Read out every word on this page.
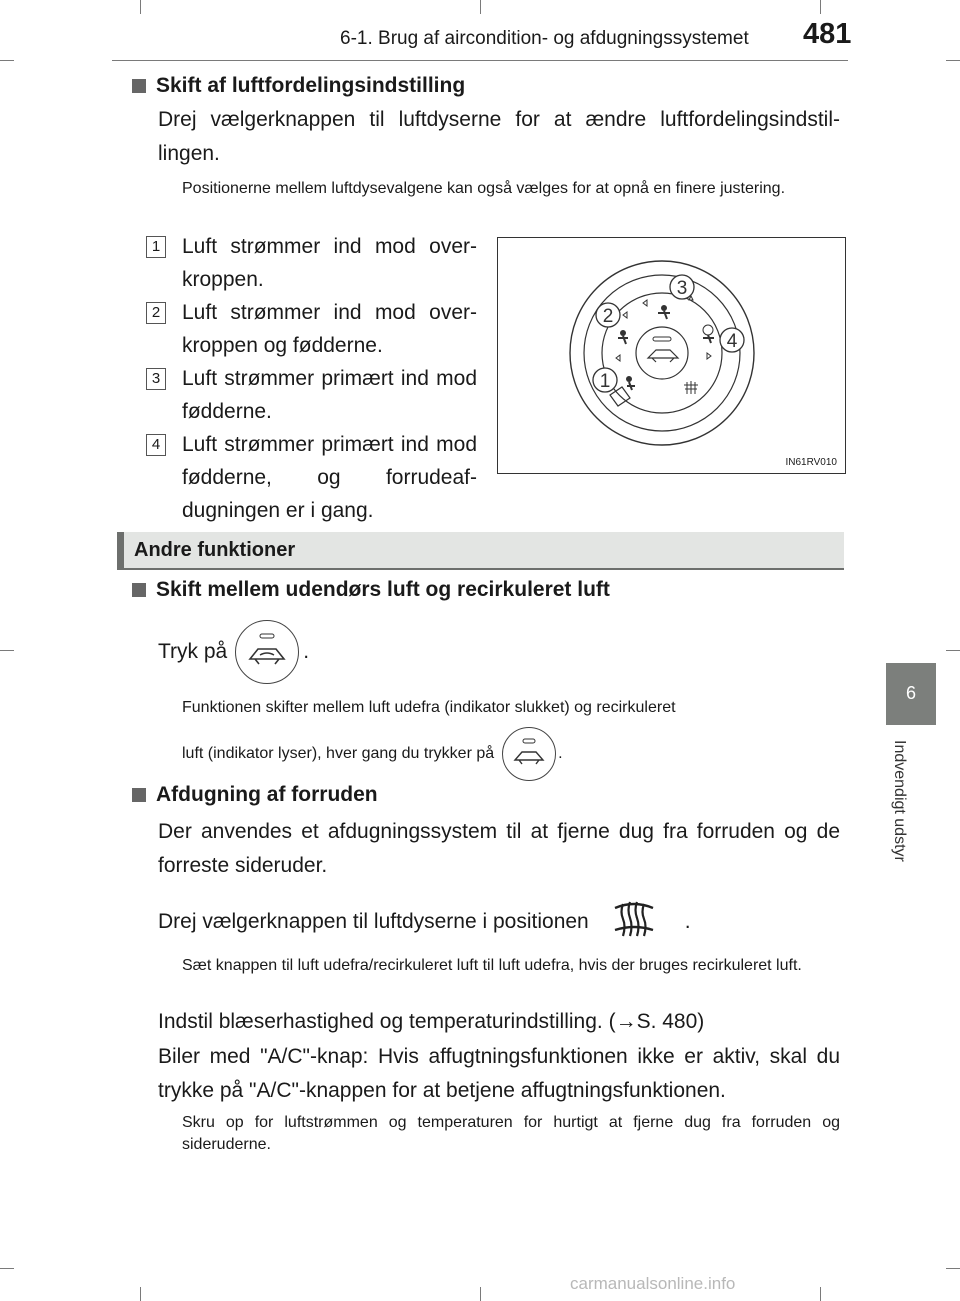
6-1. Brug af aircondition- og afdugningssystemet 481
6
Indvendigt udstyr
Skift af luftfordelingsindstilling
Drej vælgerknappen til luftdyserne for at ændre luftfordelingsindstil-lingen.
Positionerne mellem luftdysevalgene kan også vælges for at opnå en finere justering.
1 Luft strømmer ind mod over-kroppen.
2 Luft strømmer ind mod over-kroppen og fødderne.
3 Luft strømmer primært ind mod fødderne.
4 Luft strømmer primært ind mod fødderne, og forrudeaf-dugningen er i gang.
1
2
3
4
IN61RV010
Andre funktioner
Skift mellem udendørs luft og recirkuleret luft
Tryk på	.
Funktionen skifter mellem luft udefra (indikator slukket) og recirkuleret
luft (indikator lyser), hver gang du trykker på	.
Afdugning af forruden
Der anvendes et afdugningssystem til at fjerne dug fra forruden og de forreste sideruder.
Drej vælgerknappen til luftdyserne i positionen	.
Sæt knappen til luft udefra/recirkuleret luft til luft udefra, hvis der bruges recirkuleret luft.
Indstil blæserhastighed og temperaturindstilling. (→S. 480)
Biler med "A/C"-knap: Hvis affugtningsfunktionen ikke er aktiv, skal du trykke på "A/C"-knappen for at betjene affugtningsfunktionen.
Skru op for luftstrømmen og temperaturen for hurtigt at fjerne dug fra forruden og sideruderne.
carmanualsonline.info
